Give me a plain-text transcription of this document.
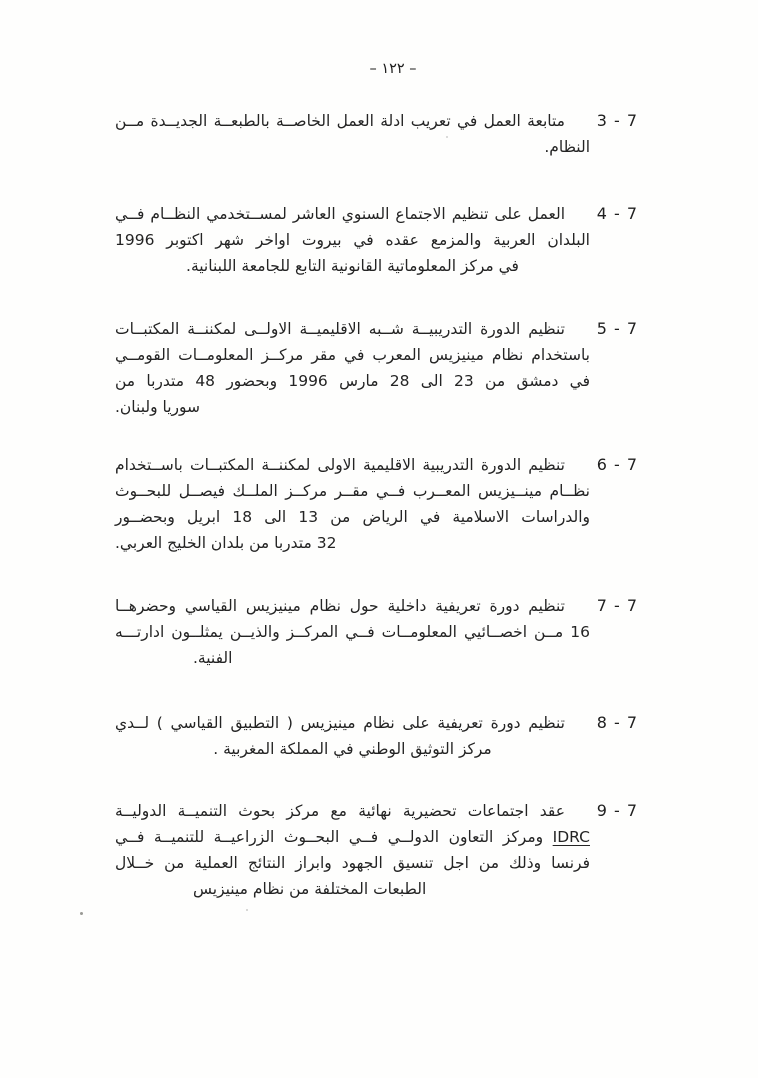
– ١٢٢ –
7 - 3
متابعة العمل في تعريب ادلة العمل الخاصــة بالطبعــة الجديــدة مــن
النظام.
7 - 4
العمل على تنظيم الاجتماع السنوي العاشر لمســتخدمي النظــام فــي
البلدان العربية والمزمع عقده في بيروت اواخر شهر اكتوبر 1996
في مركز المعلوماتية القانونية التابع للجامعة اللبنانية.
7 - 5
تنظيم الدورة التدريبيــة شــبه الاقليميــة الاولــى لمكننــة المكتبــات
باستخدام نظام مينيزيس المعرب في مقر مركــز المعلومــات القومــي
في دمشق من 23 الى 28 مارس 1996 وبحضور 48 متدربا من
سوريا ولبنان.
7 - 6
تنظيم الدورة التدريبية الاقليمية الاولى لمكننــة المكتبــات باســتخدام
نظــام مينــيزيس المعــرب فــي مقــر مركــز الملــك فيصــل للبحــوث
والدراسات الاسلامية في الرياض من 13 الى 18 ابريل وبحضــور
32 متدربا من بلدان الخليج العربي.
7 - 7
تنظيم دورة تعريفية داخلية حول نظام مينيزيس القياسي وحضرهــا
16 مــن اخصــائيي المعلومــات فــي المركــز والذيــن يمثلــون ادارتـــه
الفنية.
7 - 8
تنظيم دورة تعريفية على نظام مينيزيس ( التطبيق القياسي ) لــدي
مركز التوثيق الوطني في المملكة المغربية .
7 - 9
عقد اجتماعات تحضيرية نهائية مع مركز بحوث التنميــة الدوليــة
IDRC ومركز التعاون الدولــي فــي البحــوث الزراعيــة للتنميــة فــي
فرنسا وذلك من اجل تنسيق الجهود وابراز النتائج العملية من خــلال
الطبعات المختلفة من نظام مينيزيس
